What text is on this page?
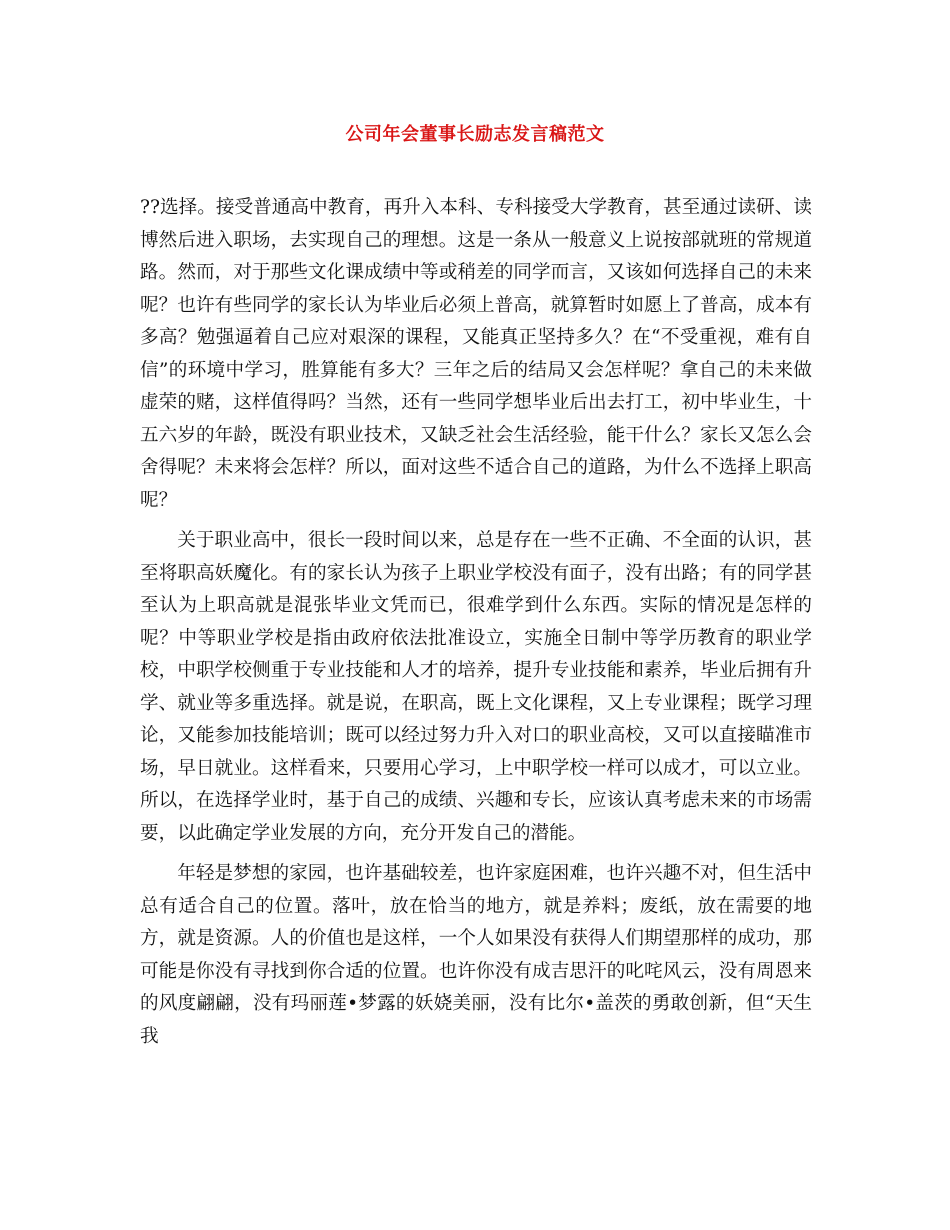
公司年会董事长励志发言稿范文

??选择。接受普通高中教育，再升入本科、专科接受大学教育，甚至通过读研、读博然后进入职场，去实现自己的理想。这是一条从一般意义上说按部就班的常规道路。然而，对于那些文化课成绩中等或稍差的同学而言，又该如何选择自己的未来呢？也许有些同学的家长认为毕业后必须上普高，就算暂时如愿上了普高，成本有多高？勉强逼着自己应对艰深的课程，又能真正坚持多久？在“不受重视，难有自信”的环境中学习，胜算能有多大？三年之后的结局又会怎样呢？拿自己的未来做虚荣的赌，这样值得吗？当然，还有一些同学想毕业后出去打工，初中毕业生，十五六岁的年龄，既没有职业技术，又缺乏社会生活经验，能干什么？家长又怎么会舍得呢？未来将会怎样？所以，面对这些不适合自己的道路，为什么不选择上职高呢？

关于职业高中，很长一段时间以来，总是存在一些不正确、不全面的认识，甚至将职高妖魔化。有的家长认为孩子上职业学校没有面子，没有出路；有的同学甚至认为上职高就是混张毕业文凭而已，很难学到什么东西。实际的情况是怎样的呢？中等职业学校是指由政府依法批准设立，实施全日制中等学历教育的职业学校，中职学校侧重于专业技能和人才的培养，提升专业技能和素养，毕业后拥有升学、就业等多重选择。就是说，在职高，既上文化课程，又上专业课程；既学习理论，又能参加技能培训；既可以经过努力升入对口的职业高校，又可以直接瞄准市场，早日就业。这样看来，只要用心学习，上中职学校一样可以成才，可以立业。所以，在选择学业时，基于自己的成绩、兴趣和专长，应该认真考虑未来的市场需要，以此确定学业发展的方向，充分开发自己的潜能。

年轻是梦想的家园，也许基础较差，也许家庭困难，也许兴趣不对，但生活中总有适合自己的位置。落叶，放在恰当的地方，就是养料；废纸，放在需要的地方，就是资源。人的价值也是这样，一个人如果没有获得人们期望那样的成功，那可能是你没有寻找到你合适的位置。也许你没有成吉思汗的叱咤风云，没有周恩来的风度翩翩，没有玛丽莲•梦露的妖娆美丽，没有比尔•盖茨的勇敢创新，但“天生我
